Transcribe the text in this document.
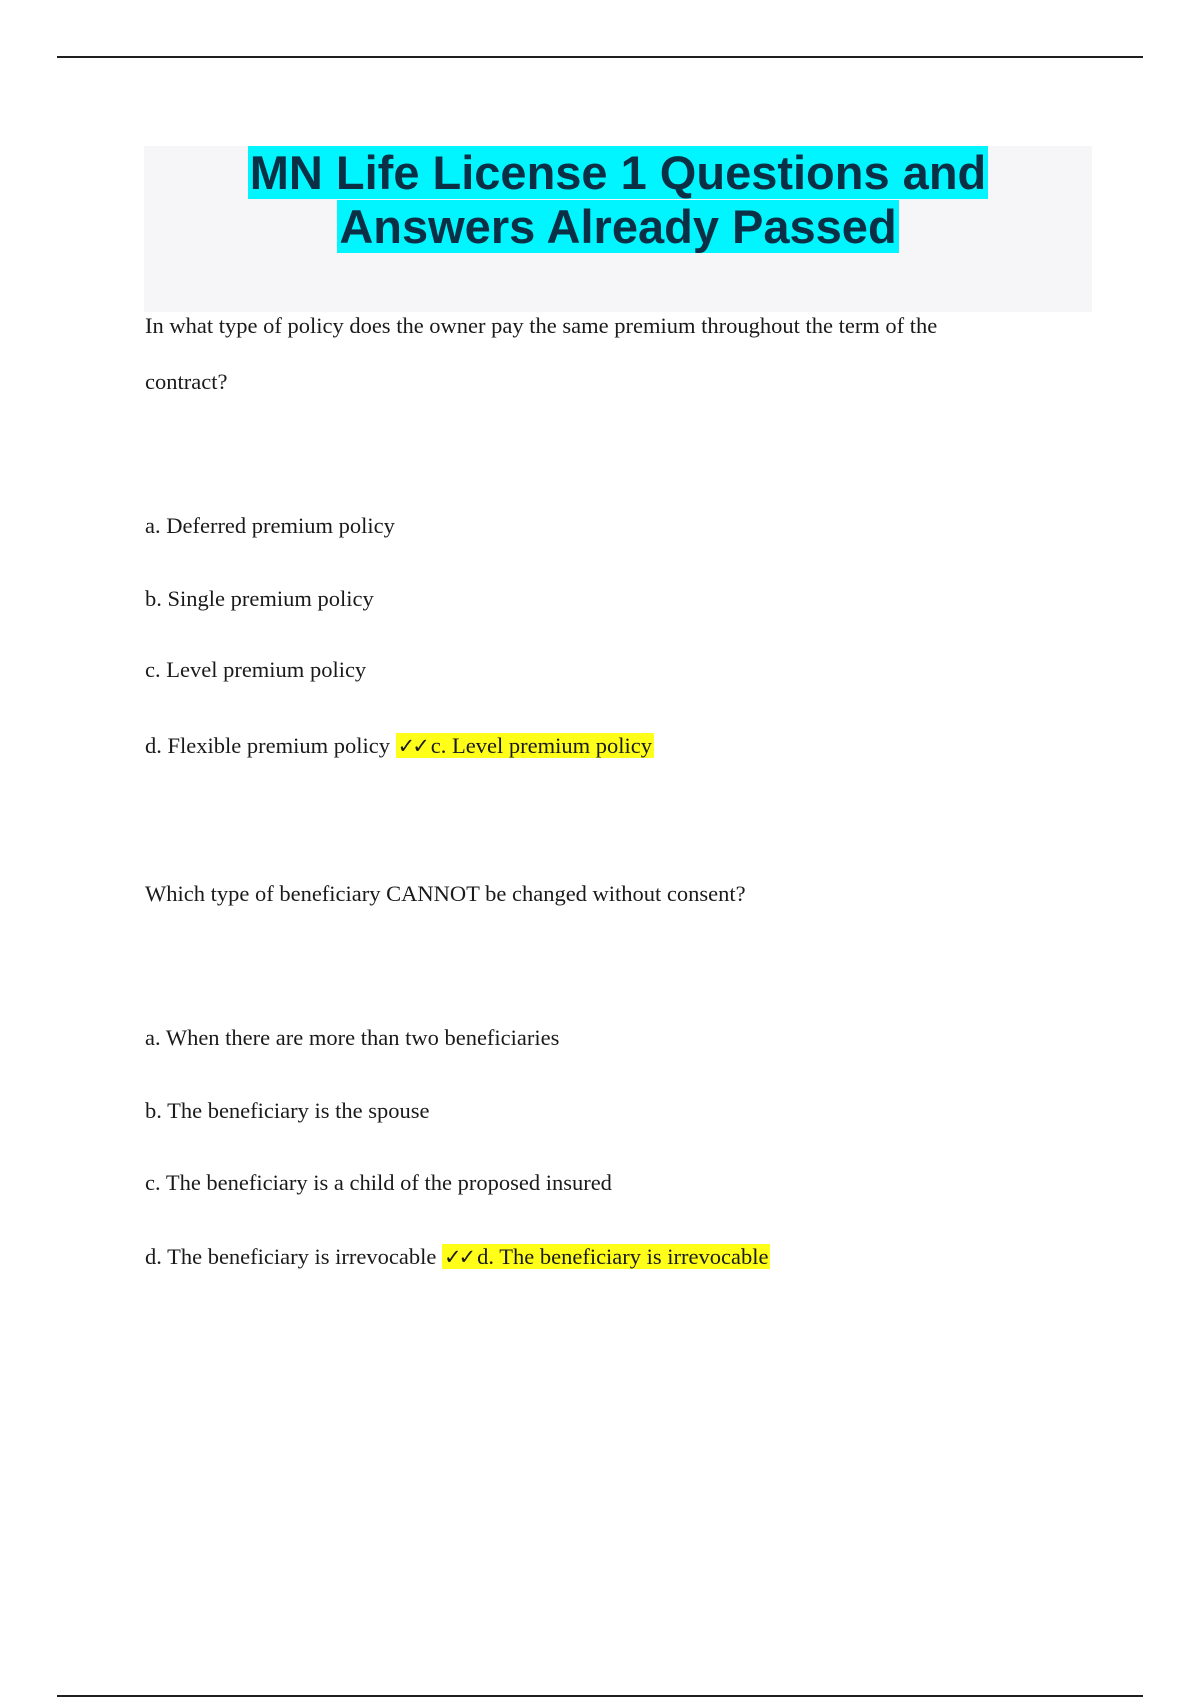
MN Life License 1 Questions and
Answers Already Passed

In what type of policy does the owner pay the same premium throughout the term of the

contract?

a. Deferred premium policy

b. Single premium policy

c. Level premium policy

d. Flexible premium policy ✓✓ c. Level premium policy

Which type of beneficiary CANNOT be changed without consent?

a. When there are more than two beneficiaries

b. The beneficiary is the spouse

c. The beneficiary is a child of the proposed insured

d. The beneficiary is irrevocable ✓✓ d. The beneficiary is irrevocable
